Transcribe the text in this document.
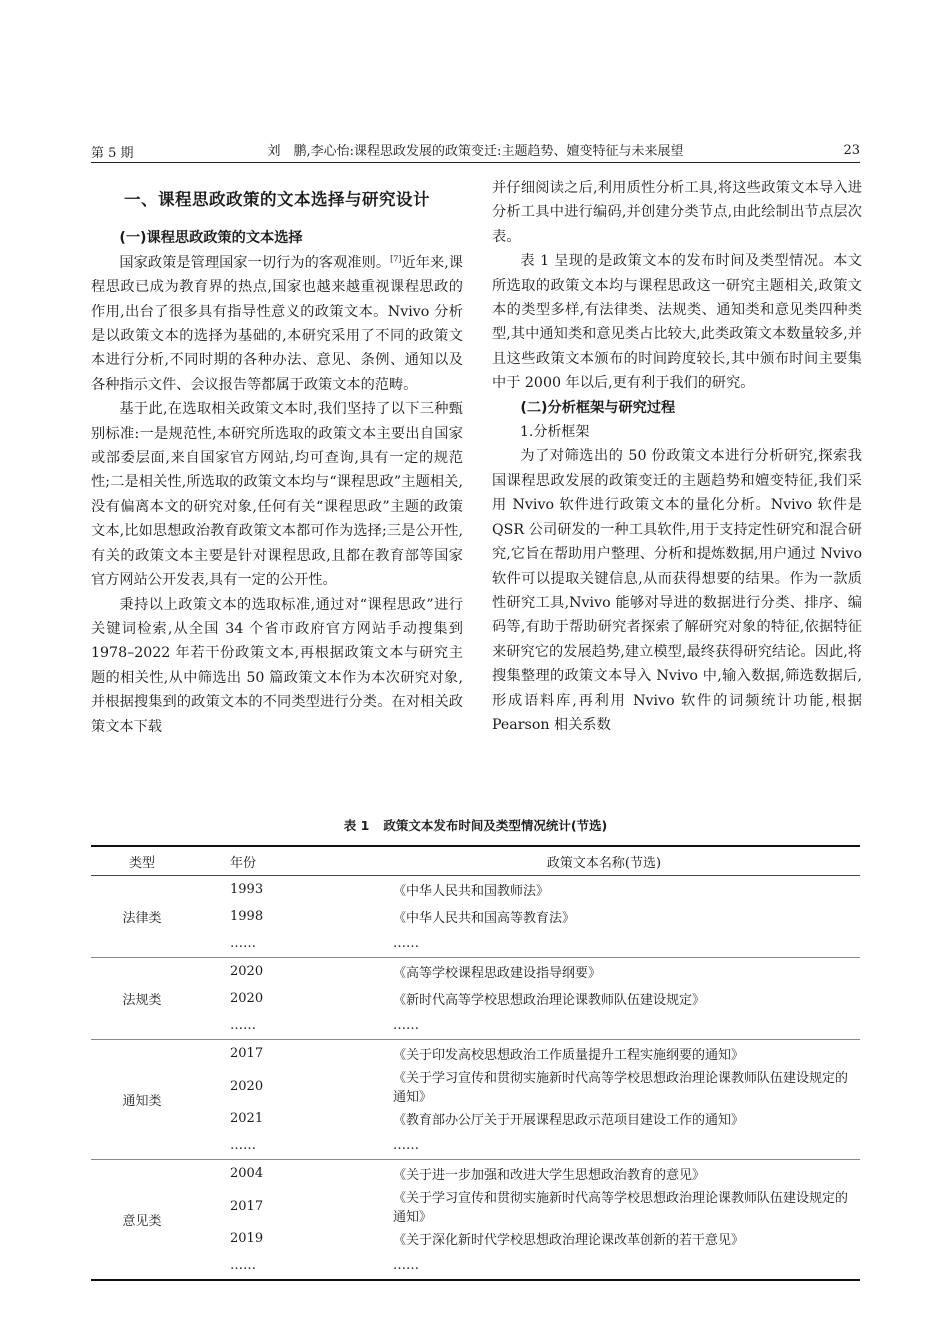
第 5 期	刘　鹏,李心怡:课程思政发展的政策变迁:主题趋势、嬗变特征与未来展望	23
一、课程思政政策的文本选择与研究设计
(一)课程思政政策的文本选择

国家政策是管理国家一切行为的客观准则。[7]近年来,课程思政已成为教育界的热点,国家也越来越重视课程思政的作用,出台了很多具有指导性意义的政策文本。Nvivo 分析是以政策文本的选择为基础的,本研究采用了不同的政策文本进行分析,不同时期的各种办法、意见、条例、通知以及各种指示文件、会议报告等都属于政策文本的范畴。

基于此,在选取相关政策文本时,我们坚持了以下三种甄别标准:一是规范性,本研究所选取的政策文本主要出自国家或部委层面,来自国家官方网站,均可查询,具有一定的规范性;二是相关性,所选取的政策文本均与“课程思政”主题相关,没有偏离本文的研究对象,任何有关“课程思政”主题的政策文本,比如思想政治教育政策文本都可作为选择;三是公开性,有关的政策文本主要是针对课程思政,且都在教育部等国家官方网站公开发表,具有一定的公开性。

秉持以上政策文本的选取标准,通过对“课程思政”进行关键词检索,从全国 34 个省市政府官方网站手动搜集到 1978–2022 年若干份政策文本,再根据政策文本与研究主题的相关性,从中筛选出 50 篇政策文本作为本次研究对象,并根据搜集到的政策文本的不同类型进行分类。在对相关政策文本下载

并仔细阅读之后,利用质性分析工具,将这些政策文本导入进分析工具中进行编码,并创建分类节点,由此绘制出节点层次表。

表 1 呈现的是政策文本的发布时间及类型情况。本文所选取的政策文本均与课程思政这一研究主题相关,政策文本的类型多样,有法律类、法规类、通知类和意见类四种类型,其中通知类和意见类占比较大,此类政策文本数量较多,并且这些政策文本颁布的时间跨度较长,其中颁布时间主要集中于 2000 年以后,更有利于我们的研究。

(二)分析框架与研究过程
1.分析框架

为了对筛选出的 50 份政策文本进行分析研究,探索我国课程思政发展的政策变迁的主题趋势和嬗变特征,我们采用 Nvivo 软件进行政策文本的量化分析。Nvivo 软件是 QSR 公司研发的一种工具软件,用于支持定性研究和混合研究,它旨在帮助用户整理、分析和提炼数据,用户通过 Nvivo 软件可以提取关键信息,从而获得想要的结果。作为一款质性研究工具,Nvivo 能够对导进的数据进行分类、排序、编码等,有助于帮助研究者探索了解研究对象的特征,依据特征来研究它的发展趋势,建立模型,最终获得研究结论。因此,将搜集整理的政策文本导入 Nvivo 中,输入数据,筛选数据后,形成语料库,再利用 Nvivo 软件的词频统计功能,根据 Pearson 相关系数

表 1 政策文本发布时间及类型情况统计(节选)
类型	年份	政策文本名称(节选)
法律类	1993	《中华人民共和国教师法》
	1998	《中华人民共和国高等教育法》
	……	……
法规类	2020	《高等学校课程思政建设指导纲要》
	2020	《新时代高等学校思想政治理论课教师队伍建设规定》
	……	……
通知类	2017	《关于印发高校思想政治工作质量提升工程实施纲要的通知》
	2020	《关于学习宣传和贯彻实施新时代高等学校思想政治理论课教师队伍建设规定的通知》
	2021	《教育部办公厅关于开展课程思政示范项目建设工作的通知》
	……	……
意见类	2004	《关于进一步加强和改进大学生思想政治教育的意见》
	2017	《关于学习宣传和贯彻实施新时代高等学校思想政治理论课教师队伍建设规定的通知》
	2019	《关于深化新时代学校思想政治理论课改革创新的若干意见》
	……	……
